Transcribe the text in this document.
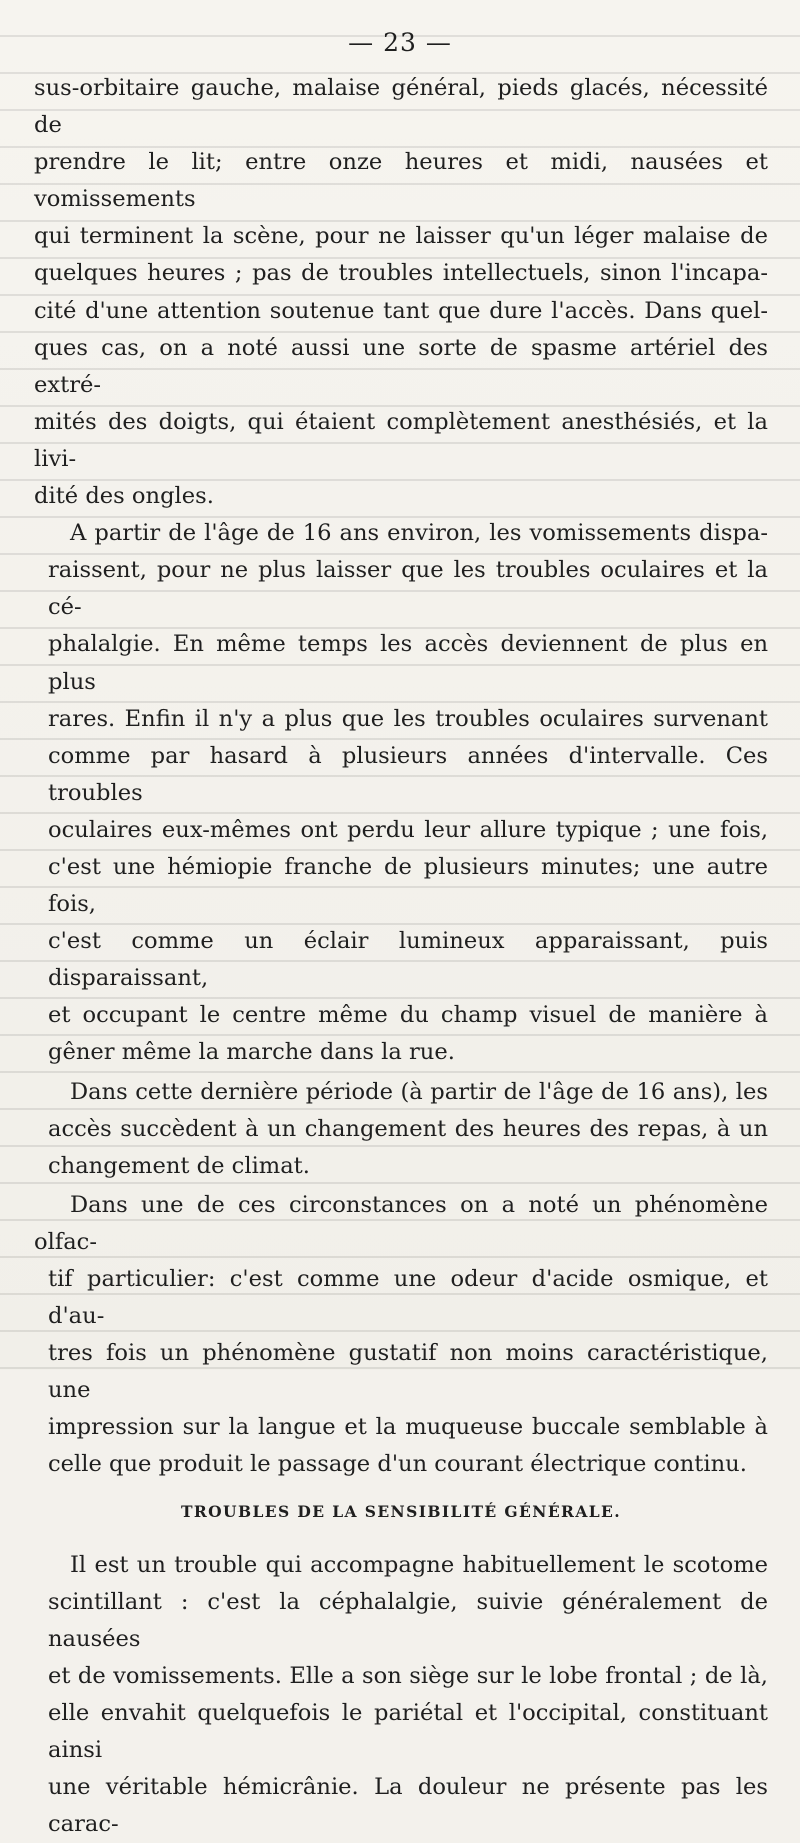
— 23 —

sus-orbitaire gauche, malaise général, pieds glacés, nécessité de

prendre le lit; entre onze heures et midi, nausées et vomissements

qui terminent la scène, pour ne laisser qu'un léger malaise de

quelques heures ; pas de troubles intellectuels, sinon l'incapa-

cité d'une attention soutenue tant que dure l'accès. Dans quel-

ques cas, on a noté aussi une sorte de spasme artériel des extré-

mités des doigts, qui étaient complètement anesthésiés, et la livi-

dité des ongles.

A partir de l'âge de 16 ans environ, les vomissements dispa-

raissent, pour ne plus laisser que les troubles oculaires et la cé-

phalalgie. En même temps les accès deviennent de plus en plus

rares. Enfin il n'y a plus que les troubles oculaires survenant

comme par hasard à plusieurs années d'intervalle. Ces troubles

oculaires eux-mêmes ont perdu leur allure typique ; une fois,

c'est une hémiopie franche de plusieurs minutes; une autre fois,

c'est comme un éclair lumineux apparaissant, puis disparaissant,

et occupant le centre même du champ visuel de manière à

gêner même la marche dans la rue.

Dans cette dernière période (à partir de l'âge de 16 ans), les

accès succèdent à un changement des heures des repas, à un

changement de climat.

Dans une de ces circonstances on a noté un phénomène olfac-

tif particulier: c'est comme une odeur d'acide osmique, et d'au-

tres fois un phénomène gustatif non moins caractéristique, une

impression sur la langue et la muqueuse buccale semblable à

celle que produit le passage d'un courant électrique continu.

TROUBLES DE LA SENSIBILITÉ GÉNÉRALE.

Il est un trouble qui accompagne habituellement le scotome

scintillant : c'est la céphalalgie, suivie généralement de nausées

et de vomissements. Elle a son siège sur le lobe frontal ; de là,

elle envahit quelquefois le pariétal et l'occipital, constituant ainsi

une véritable hémicrânie. La douleur ne présente pas les carac-
